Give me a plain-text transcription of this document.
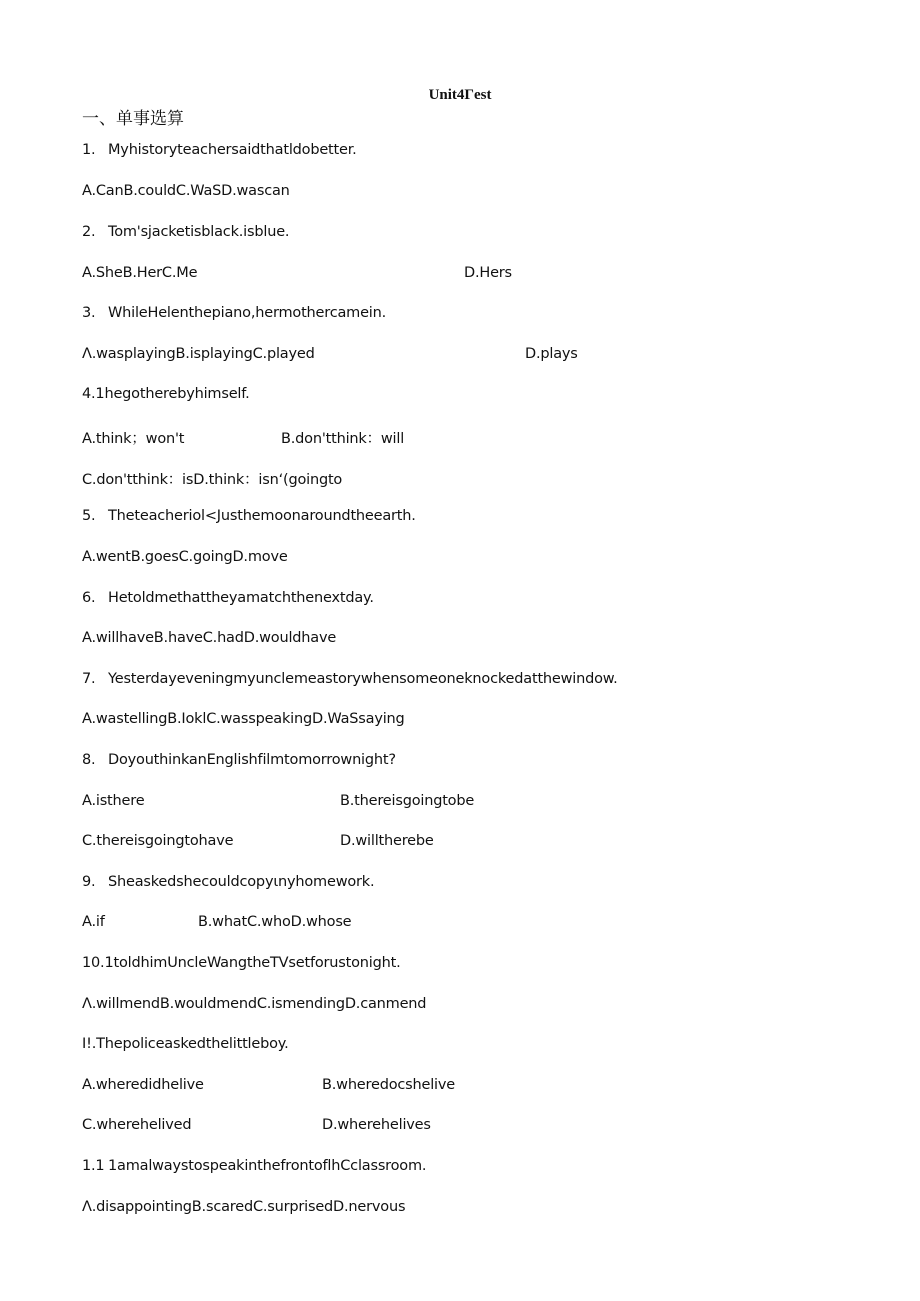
Unit4Γest
一、单事选算
1. Myhistoryteachersaidthatldobetter.
A.CanB.couldC.WaSD.wascan
2. Tom'sjacketisblack.isblue.
A.SheB.HerC.Me	D.Hers
3. WhileHelenthepiano,hermothercamein.
Λ.wasplayingB.isplayingC.played	D.plays
4.1hegotherebyhimself.
A.think；won't	B.don'tthink：will
C.don'tthink：isD.think：isn‘(goingto
5. Theteacheriol<Justhemoonaroundtheearth.
A.wentB.goesC.goingD.move
6. Hetoldmethattheyamatchthenextday.
A.willhaveB.haveC.hadD.wouldhave
7. Yesterdayeveningmyunclemeastorywhensomeoneknockedatthewindow.
A.wastellingB.IoklC.wasspeakingD.WaSsaying
8. DoyouthinkanEnglishfilmtomorrownight?
A.isthere	B.thereisgoingtobe
C.thereisgoingtohave	D.willtherebe
9. Sheaskedshecouldcopyιnyhomework.
A.if	B.whatC.whoD.whose
10.1toldhimUncleWangtheTVsetforustonight.
Λ.willmendB.wouldmendC.ismendingD.canmend
I!.Thepoliceaskedthelittleboy.
A.wheredidhelive	B.wheredocshelive
C.wherehelived	D.wherehelives
1.1 1amalwaystospeakinthefrontoflhCclassroom.
Λ.disappointingB.scaredC.surprisedD.nervous
